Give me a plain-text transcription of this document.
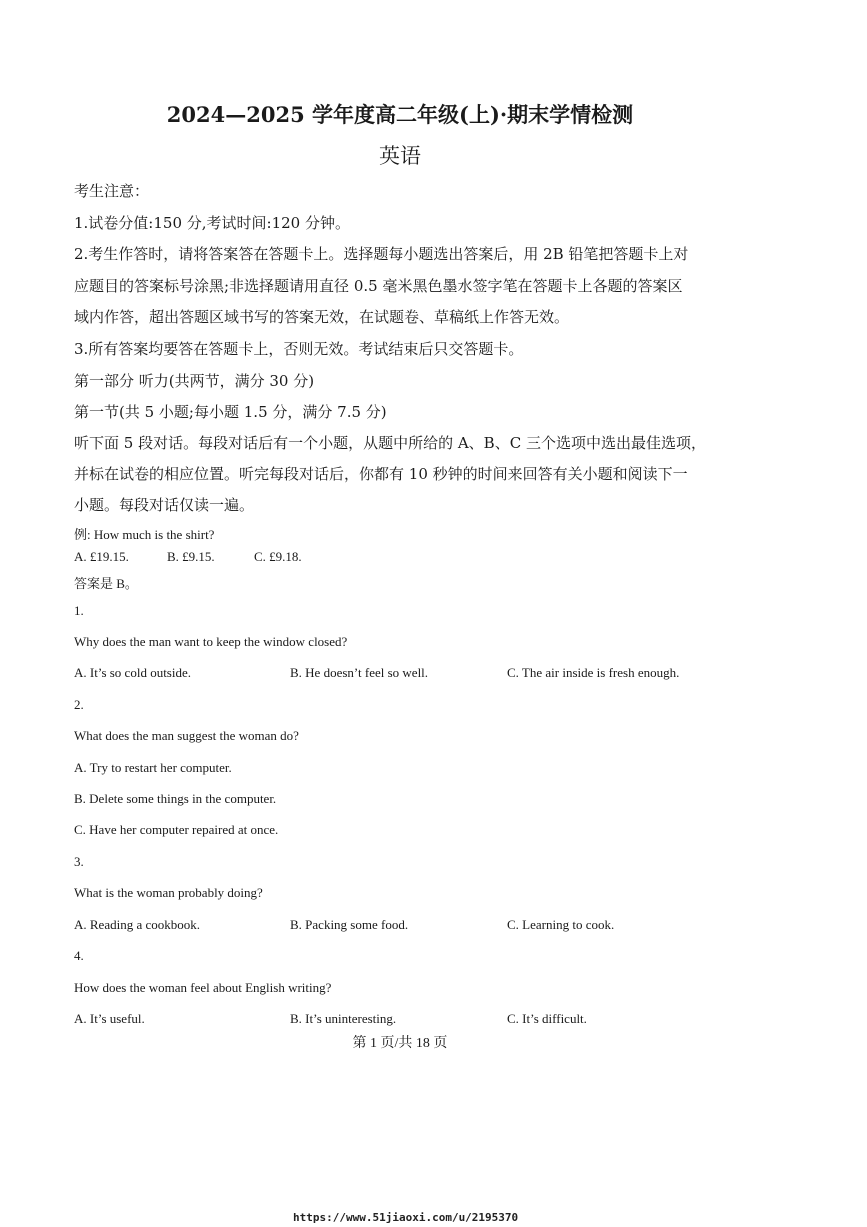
2024—2025 学年度高二年级(上)·期末学情检测
英语
考生注意：
1.试卷分值:150 分,考试时间:120 分钟。
2.考生作答时，请将答案答在答题卡上。选择题每小题选出答案后，用 2B 铅笔把答题卡上对
应题目的答案标号涂黑;非选择题请用直径 0.5 毫米黑色墨水签字笔在答题卡上各题的答案区
域内作答，超出答题区域书写的答案无效，在试题卷、草稿纸上作答无效。
3.所有答案均要答在答题卡上，否则无效。考试结束后只交答题卡。
第一部分 听力(共两节，满分 30 分)
第一节(共 5 小题;每小题 1.5 分，满分 7.5 分)
听下面 5 段对话。每段对话后有一个小题，从题中所给的 A、B、C 三个选项中选出最佳选项，
并标在试卷的相应位置。听完每段对话后，你都有 10 秒钟的时间来回答有关小题和阅读下一
小题。每段对话仅读一遍。
例: How much is the shirt?
A. £19.15.	B. £9.15.	C. £9.18.
答案是 B。
1.
Why does the man want to keep the window closed?
A. It’s so cold outside.	B. He doesn’t feel so well.	C. The air inside is fresh enough.
2.
What does the man suggest the woman do?
A. Try to restart her computer.
B. Delete some things in the computer.
C. Have her computer repaired at once.
3.
What is the woman probably doing?
A. Reading a cookbook.	B. Packing some food.	C. Learning to cook.
4.
How does the woman feel about English writing?
A. It’s useful.	B. It’s uninteresting.	C. It’s difficult.
第 1 页/共 18 页
https://www.51jiaoxi.com/u/2195370
